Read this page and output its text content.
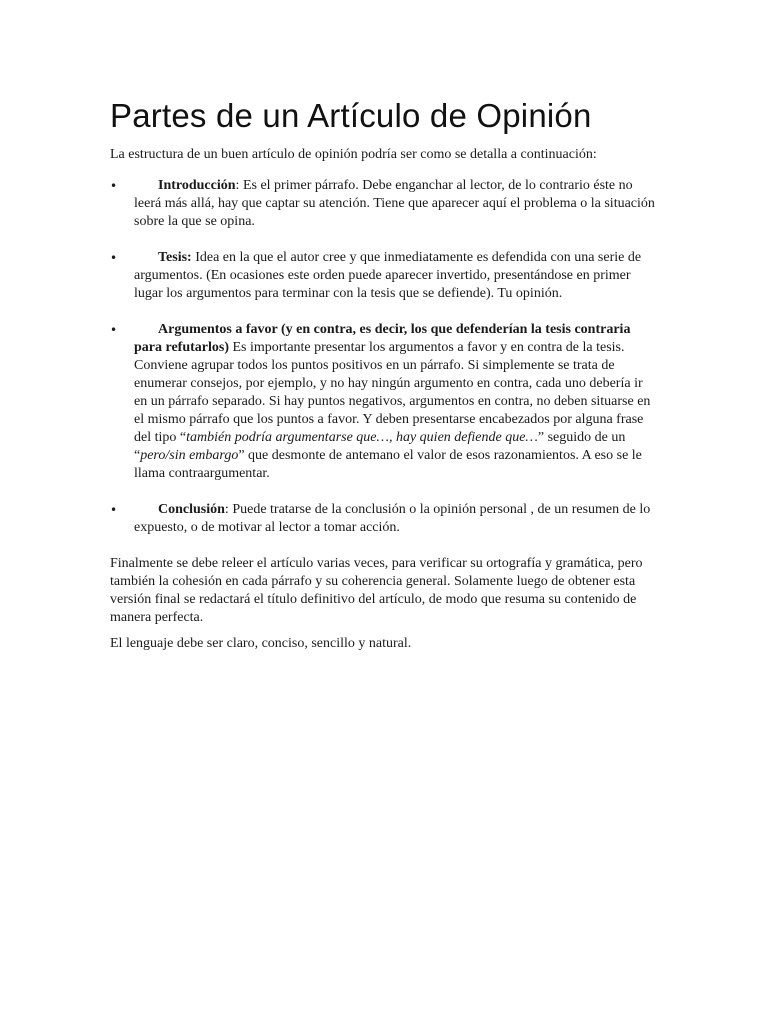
Partes de un Artículo de Opinión

La estructura de un buen artículo de opinión podría ser como se detalla a continuación:

•	Introducción: Es el primer párrafo. Debe enganchar al lector, de lo contrario éste no leerá más allá, hay que captar su atención. Tiene que aparecer aquí el problema o la situación sobre la que se opina.
•	Tesis: Idea en la que el autor cree y que inmediatamente es defendida con una serie de argumentos. (En ocasiones este orden puede aparecer invertido, presentándose en primer lugar los argumentos para terminar con la tesis que se defiende). Tu opinión.
•	Argumentos a favor (y en contra, es decir, los que defenderían la tesis contraria para refutarlos) Es importante presentar los argumentos a favor y en contra de la tesis. Conviene agrupar todos los puntos positivos en un párrafo. Si simplemente se trata de enumerar consejos, por ejemplo, y no hay ningún argumento en contra, cada uno debería ir en un párrafo separado. Si hay puntos negativos, argumentos en contra, no deben situarse en el mismo párrafo que los puntos a favor. Y deben presentarse encabezados por alguna frase del tipo “también podría argumentarse que…, hay quien defiende que…” seguido de un “pero/sin embargo” que desmonte de antemano el valor de esos razonamientos. A eso se le llama contraargumentar.
•	Conclusión: Puede tratarse de la conclusión o la opinión personal , de un resumen de lo expuesto, o de motivar al lector a tomar acción.

Finalmente se debe releer el artículo varias veces, para verificar su ortografía y gramática, pero también la cohesión en cada párrafo y su coherencia general. Solamente luego de obtener esta versión final se redactará el título definitivo del artículo, de modo que resuma su contenido de manera perfecta.

El lenguaje debe ser claro, conciso, sencillo y natural.
